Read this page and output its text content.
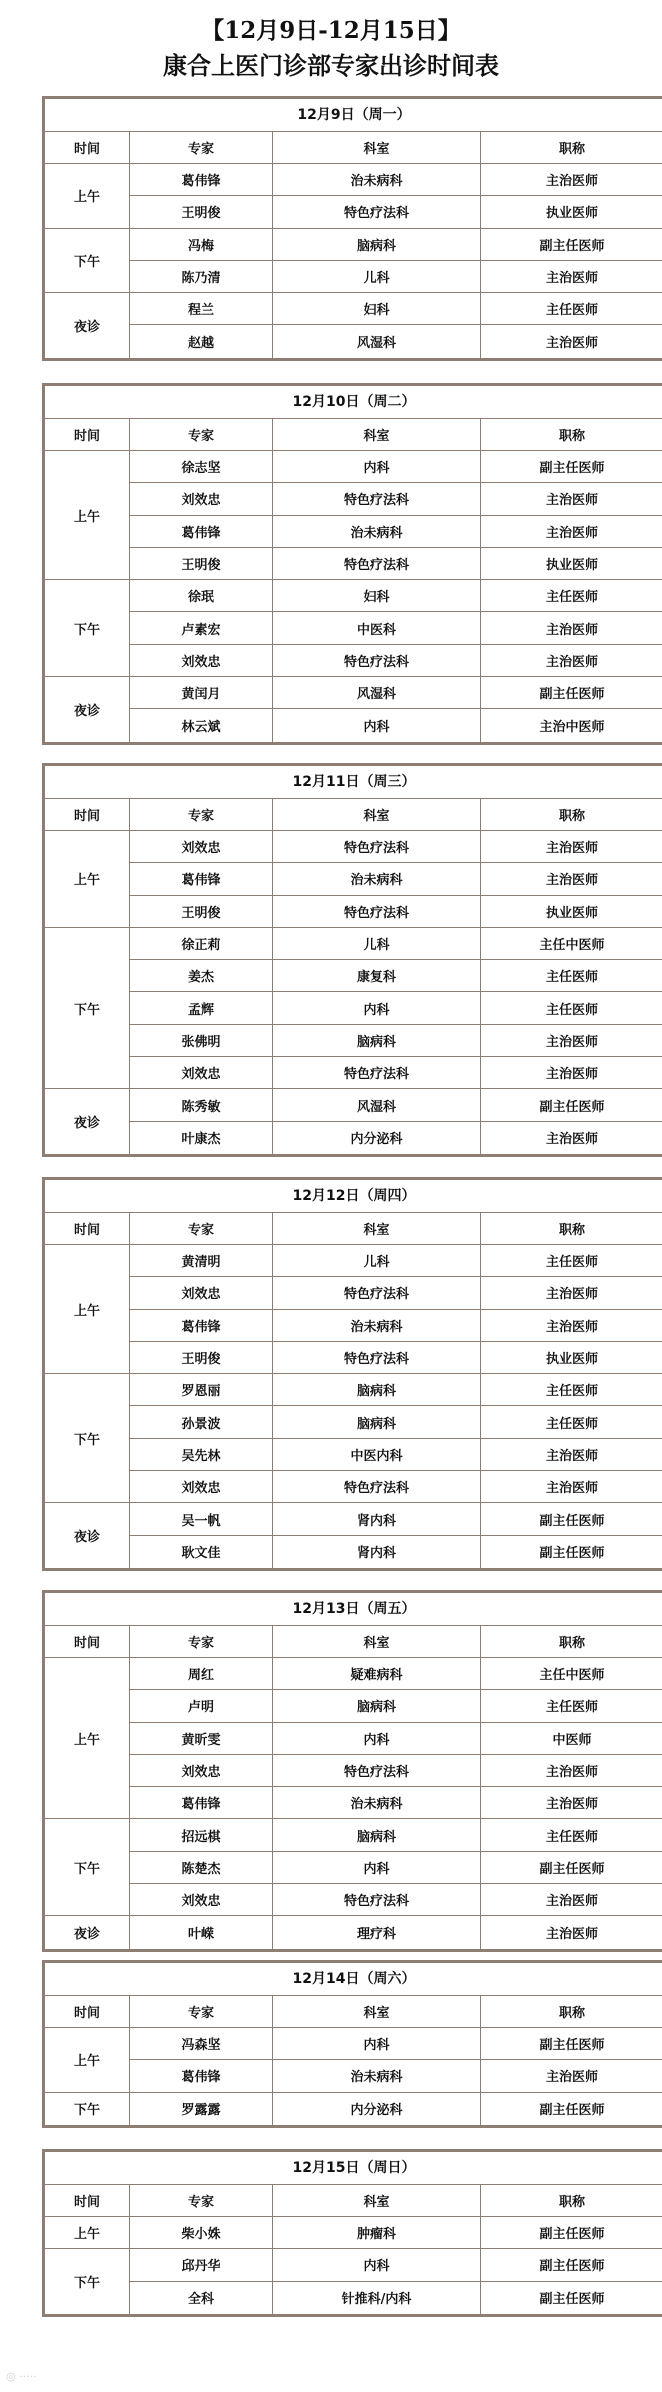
【12月9日-12月15日】
康合上医门诊部专家出诊时间表
12月9日（周一）
时间	专家	科室	职称
上午
葛伟锋	治未病科	主治医师
王明俊	特色疗法科	执业医师
下午
冯梅	脑病科	副主任医师
陈乃清	儿科	主治医师
夜诊
程兰	妇科	主任医师
赵越	风湿科	主治医师
12月10日（周二）
时间	专家	科室	职称
上午
徐志坚	内科	副主任医师
刘效忠	特色疗法科	主治医师
葛伟锋	治未病科	主治医师
王明俊	特色疗法科	执业医师
下午
徐珉	妇科	主任医师
卢素宏	中医科	主治医师
刘效忠	特色疗法科	主治医师
夜诊
黄闰月	风湿科	副主任医师
林云斌	内科	主治中医师
12月11日（周三）
时间	专家	科室	职称
上午
刘效忠	特色疗法科	主治医师
葛伟锋	治未病科	主治医师
王明俊	特色疗法科	执业医师
下午
徐正莉	儿科	主任中医师
姜杰	康复科	主任医师
孟辉	内科	主任医师
张佛明	脑病科	主治医师
刘效忠	特色疗法科	主治医师
夜诊
陈秀敏	风湿科	副主任医师
叶康杰	内分泌科	主治医师
12月12日（周四）
时间	专家	科室	职称
上午
黄清明	儿科	主任医师
刘效忠	特色疗法科	主治医师
葛伟锋	治未病科	主治医师
王明俊	特色疗法科	执业医师
下午
罗恩丽	脑病科	主任医师
孙景波	脑病科	主任医师
吴先林	中医内科	主治医师
刘效忠	特色疗法科	主治医师
夜诊
吴一帆	肾内科	副主任医师
耿文佳	肾内科	副主任医师
12月13日（周五）
时间	专家	科室	职称
上午
周红	疑难病科	主任中医师
卢明	脑病科	主任医师
黄昕雯	内科	中医师
刘效忠	特色疗法科	主治医师
葛伟锋	治未病科	主治医师
下午
招远棋	脑病科	主任医师
陈楚杰	内科	副主任医师
刘效忠	特色疗法科	主治医师
夜诊	叶嵘	理疗科	主治医师
12月14日（周六）
时间	专家	科室	职称
上午
冯森坚	内科	副主任医师
葛伟锋	治未病科	主治医师
下午	罗露露	内分泌科	副主任医师
12月15日（周日）
时间	专家	科室	职称
上午	柴小姝	肿瘤科	副主任医师
下午
邱丹华	内科	副主任医师
全科	针推科/内科	副主任医师
◎ ·····
